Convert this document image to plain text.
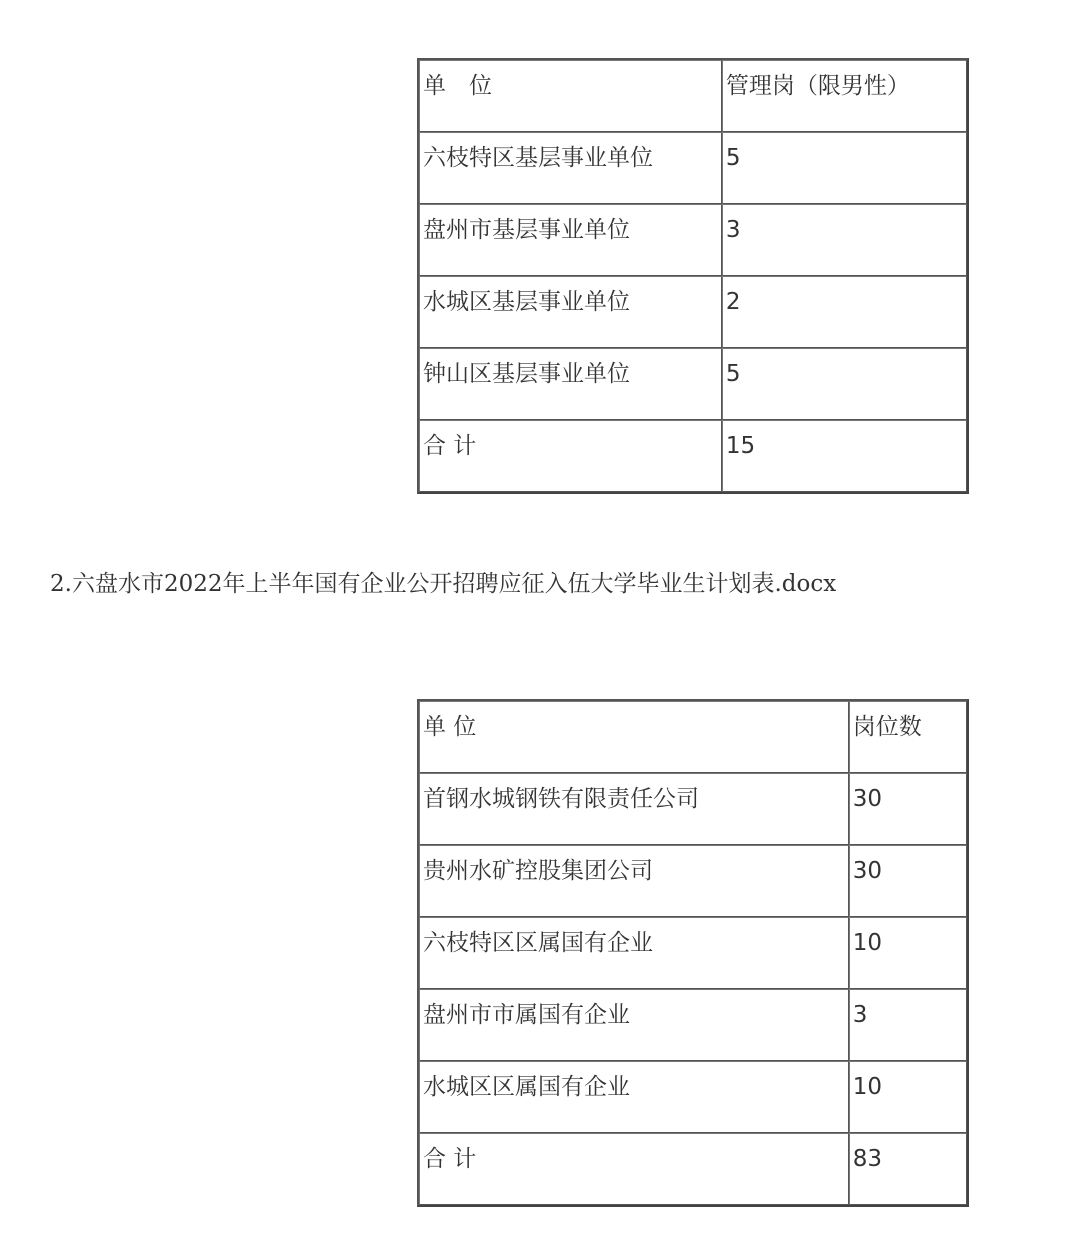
单　位	管理岗（限男性）
六枝特区基层事业单位	5
盘州市基层事业单位	3
水城区基层事业单位	2
钟山区基层事业单位	5
合 计	15
2.六盘水市2022年上半年国有企业公开招聘应征入伍大学毕业生计划表.docx
单 位	岗位数
首钢水城钢铁有限责任公司	30
贵州水矿控股集团公司	30
六枝特区区属国有企业	10
盘州市市属国有企业	3
水城区区属国有企业	10
合 计	83
